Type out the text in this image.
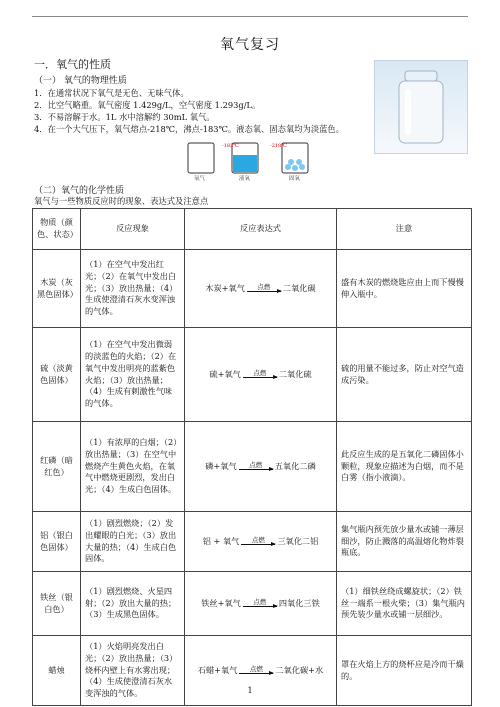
氧气复习
一．氧气的性质
（一） 氧气的物理性质
1．在通常状况下氧气是无色、无味气体。
2．比空气略重。氧气密度 1.429g/L，空气密度 1.293g/L。
3．不易溶解于水。1L 水中溶解约 30mL 氧气。
4．在一个大气压下，氧气熔点-218℃，沸点-183℃。液态氧、固态氧均为淡蓝色。
-183℃	-218℃
氧气	液氧	固氧
（二）氧气的化学性质
氧气与一些物质反应时的现象、表达式及注意点
物质（颜色、状态）	反应现象	反应表达式	注意
木炭（灰黑色固体）	（1）在空气中发出红光；（2）在氧气中发出白光；（3）放出热量；（4）生成使澄清石灰水变浑浊的气体。	木炭+氧气 点燃 二氧化碳	盛有木炭的燃烧匙应由上而下慢慢伸入瓶中。
硫（淡黄色固体）	（1）在空气中发出微弱的淡蓝色的火焰；（2）在氧气中发出明亮的蓝紫色火焰；（3）放出热量；（4）生成有刺激性气味的气体。	硫+氧气 点燃 二氧化硫	硫的用量不能过多，防止对空气造成污染。
红磷（暗红色）	（1）有浓厚的白烟；（2）放出热量；（3）在空气中燃烧产生黄色火焰，在氧气中燃烧更剧烈，发出白光；（4）生成白色固体。	磷+氧气 点燃 五氧化二磷	此反应生成的是五氧化二磷固体小颗粒，现象应描述为白烟，而不是白雾（指小液滴）。
铝（银白色固体）	（1）剧烈燃烧；（2）发出耀眼的白光；（3）放出大量的热；（4）生成白色固体。	铝 + 氧气 点燃 三氧化二铝	集气瓶内预先放少量水或铺一薄层细沙，防止溅落的高温熔化物炸裂瓶底。
铁丝（银白色）	（1）剧烈燃烧、火星四射；（2）放出大量的热；（3）生成黑色固体。	铁丝+氧气 点燃 四氧化三铁	（1）细铁丝绕成螺旋状；（2）铁丝一端系一根火柴；（3）集气瓶内预先装少量水或铺一层细沙。
蜡烛	（1）火焰明亮发出白光；（2）放出热量；（3）烧杯内壁上有水雾出现；（4）生成使澄清石灰水变浑浊的气体。	石蜡+氧气 点燃 二氧化碳+水	罩在火焰上方的烧杯应是冷而干燥的。
1
